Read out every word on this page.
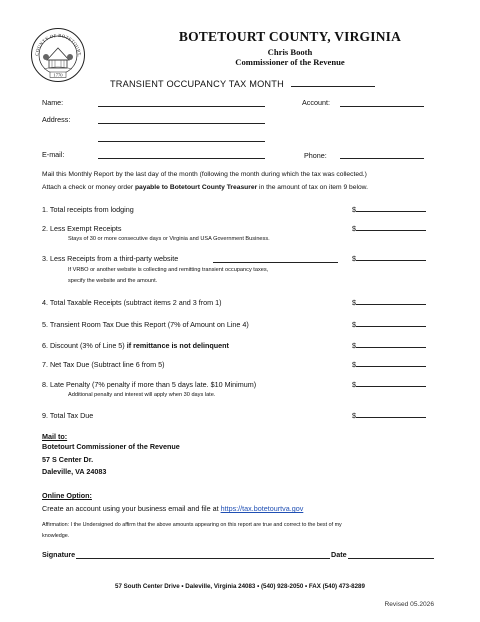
COUNTY OF BOTETOURT,
1770
BOTETOURT COUNTY, VIRGINIA
Chris Booth
Commissioner of the Revenue
TRANSIENT OCCUPANCY TAX MONTH
Name:	Account:
Address:
E-mail:	Phone:
Mail this Monthly Report by the last day of the month (following the month during which the tax was collected.)
Attach a check or money order payable to Botetourt County Treasurer in the amount of tax on item 9 below.
1. Total receipts from lodging	$
2. Less Exempt Receipts
Stays of 30 or more consecutive days or Virginia and USA Government Business.
$
3. Less Receipts from a third-party website
If VRBO or another website is collecting and remitting transient occupancy taxes,
specify the website and the amount.
$
4. Total Taxable Receipts (subtract items 2 and 3 from 1)	$
5. Transient Room Tax Due this Report (7% of Amount on Line 4)	$
6. Discount (3% of Line 5) if remittance is not delinquent	$
7. Net Tax Due (Subtract line 6 from 5)	$
8. Late Penalty (7% penalty if more than 5 days late. $10 Minimum)
Additional penalty and interest will apply when 30 days late.
$
9. Total Tax Due	$
Mail to:
Botetourt Commissioner of the Revenue
57 S Center Dr.
Daleville, VA 24083
Online Option:
Create an account using your business email and file at https://tax.botetourtva.gov
Affirmation: I the Undersigned do affirm that the above amounts appearing on this report are true and correct to the best of my
knowledge.
Signature	Date
57 South Center Drive • Daleville, Virginia 24083 • (540) 928-2050 • FAX (540) 473-8289
Revised 05.2026
